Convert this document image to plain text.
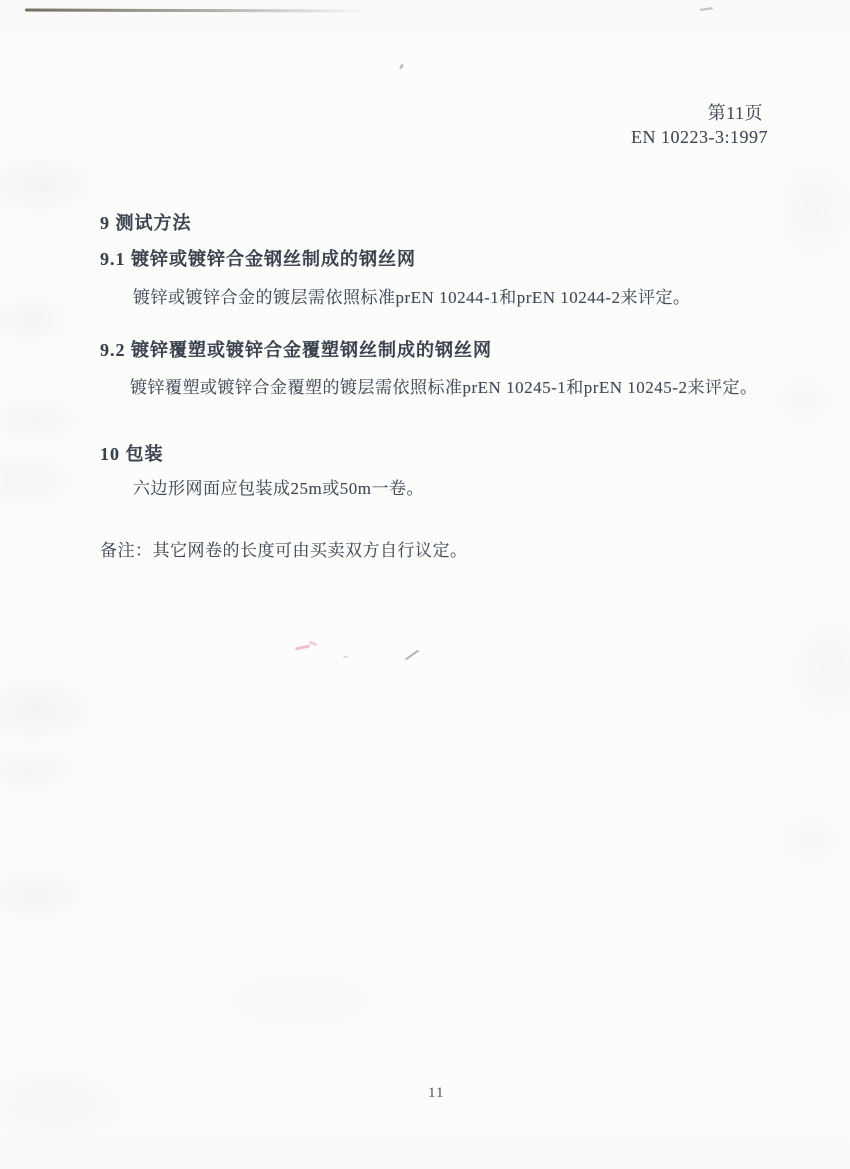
第11页
EN 10223-3:1997
9 测试方法
9.1 镀锌或镀锌合金钢丝制成的钢丝网
镀锌或镀锌合金的镀层需依照标准prEN 10244-1和prEN 10244-2来评定。
9.2 镀锌覆塑或镀锌合金覆塑钢丝制成的钢丝网
镀锌覆塑或镀锌合金覆塑的镀层需依照标准prEN 10245-1和prEN 10245-2来评定。
10 包装
六边形网面应包装成25m或50m一卷。
备注：其它网卷的长度可由买卖双方自行议定。
11
